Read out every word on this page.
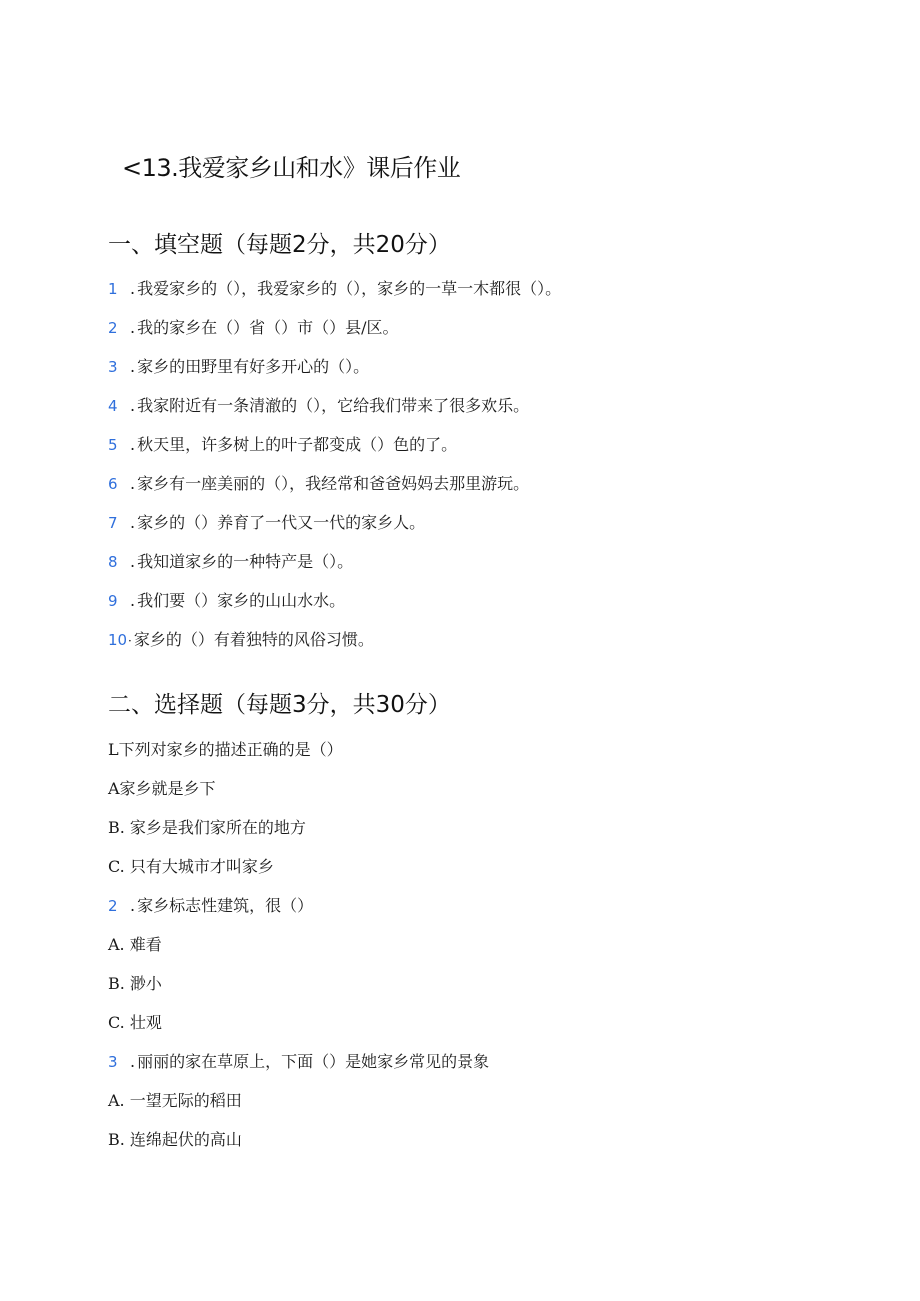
<13.我爱家乡山和水》课后作业
一、填空题（每题2分，共20分）
1 . 我爱家乡的（），我爱家乡的（），家乡的一草一木都很（）。
2 . 我的家乡在（）省（）市（）县/区。
3 . 家乡的田野里有好多开心的（）。
4 . 我家附近有一条清澈的（），它给我们带来了很多欢乐。
5 . 秋天里，许多树上的叶子都变成（）色的了。
6 . 家乡有一座美丽的（），我经常和爸爸妈妈去那里游玩。
7 . 家乡的（）养育了一代又一代的家乡人。
8 . 我知道家乡的一种特产是（）。
9 . 我们要（）家乡的山山水水。
10 · 家乡的（）有着独特的风俗习惯。
二、选择题（每题3分，共30分）
L下列对家乡的描述正确的是（）
A家乡就是乡下
B. 家乡是我们家所在的地方
C. 只有大城市才叫家乡
2 . 家乡标志性建筑，很（）
A. 难看
B. 渺小
C. 壮观
3 . 丽丽的家在草原上，下面（）是她家乡常见的景象
A. 一望无际的稻田
B. 连绵起伏的高山
